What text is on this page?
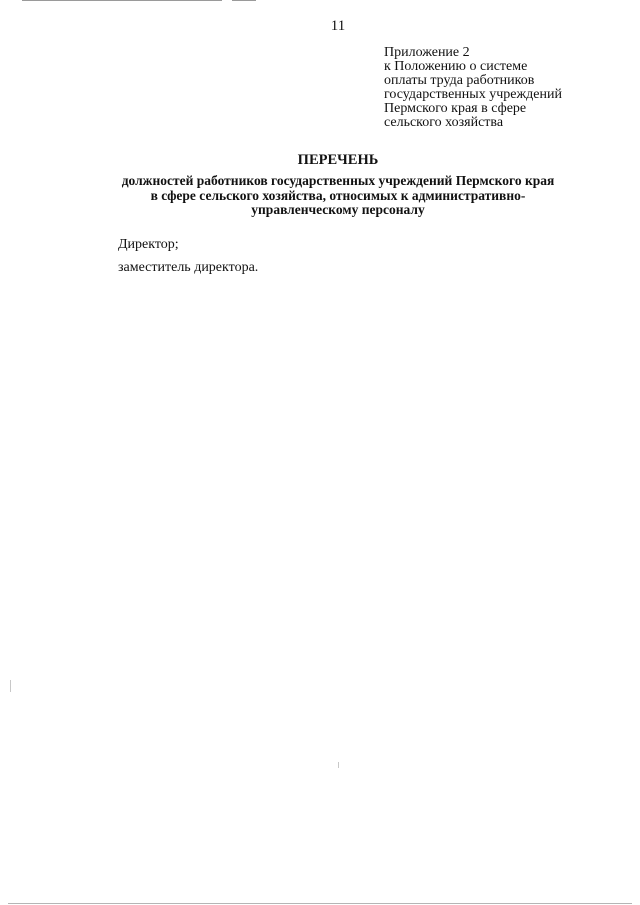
11
Приложение 2
к Положению о системе
оплаты труда работников
государственных учреждений
Пермского края в сфере
сельского хозяйства
ПЕРЕЧЕНЬ
должностей работников государственных учреждений Пермского края
в сфере сельского хозяйства, относимых к административно-
управленческому персоналу
Директор;
заместитель директора.
